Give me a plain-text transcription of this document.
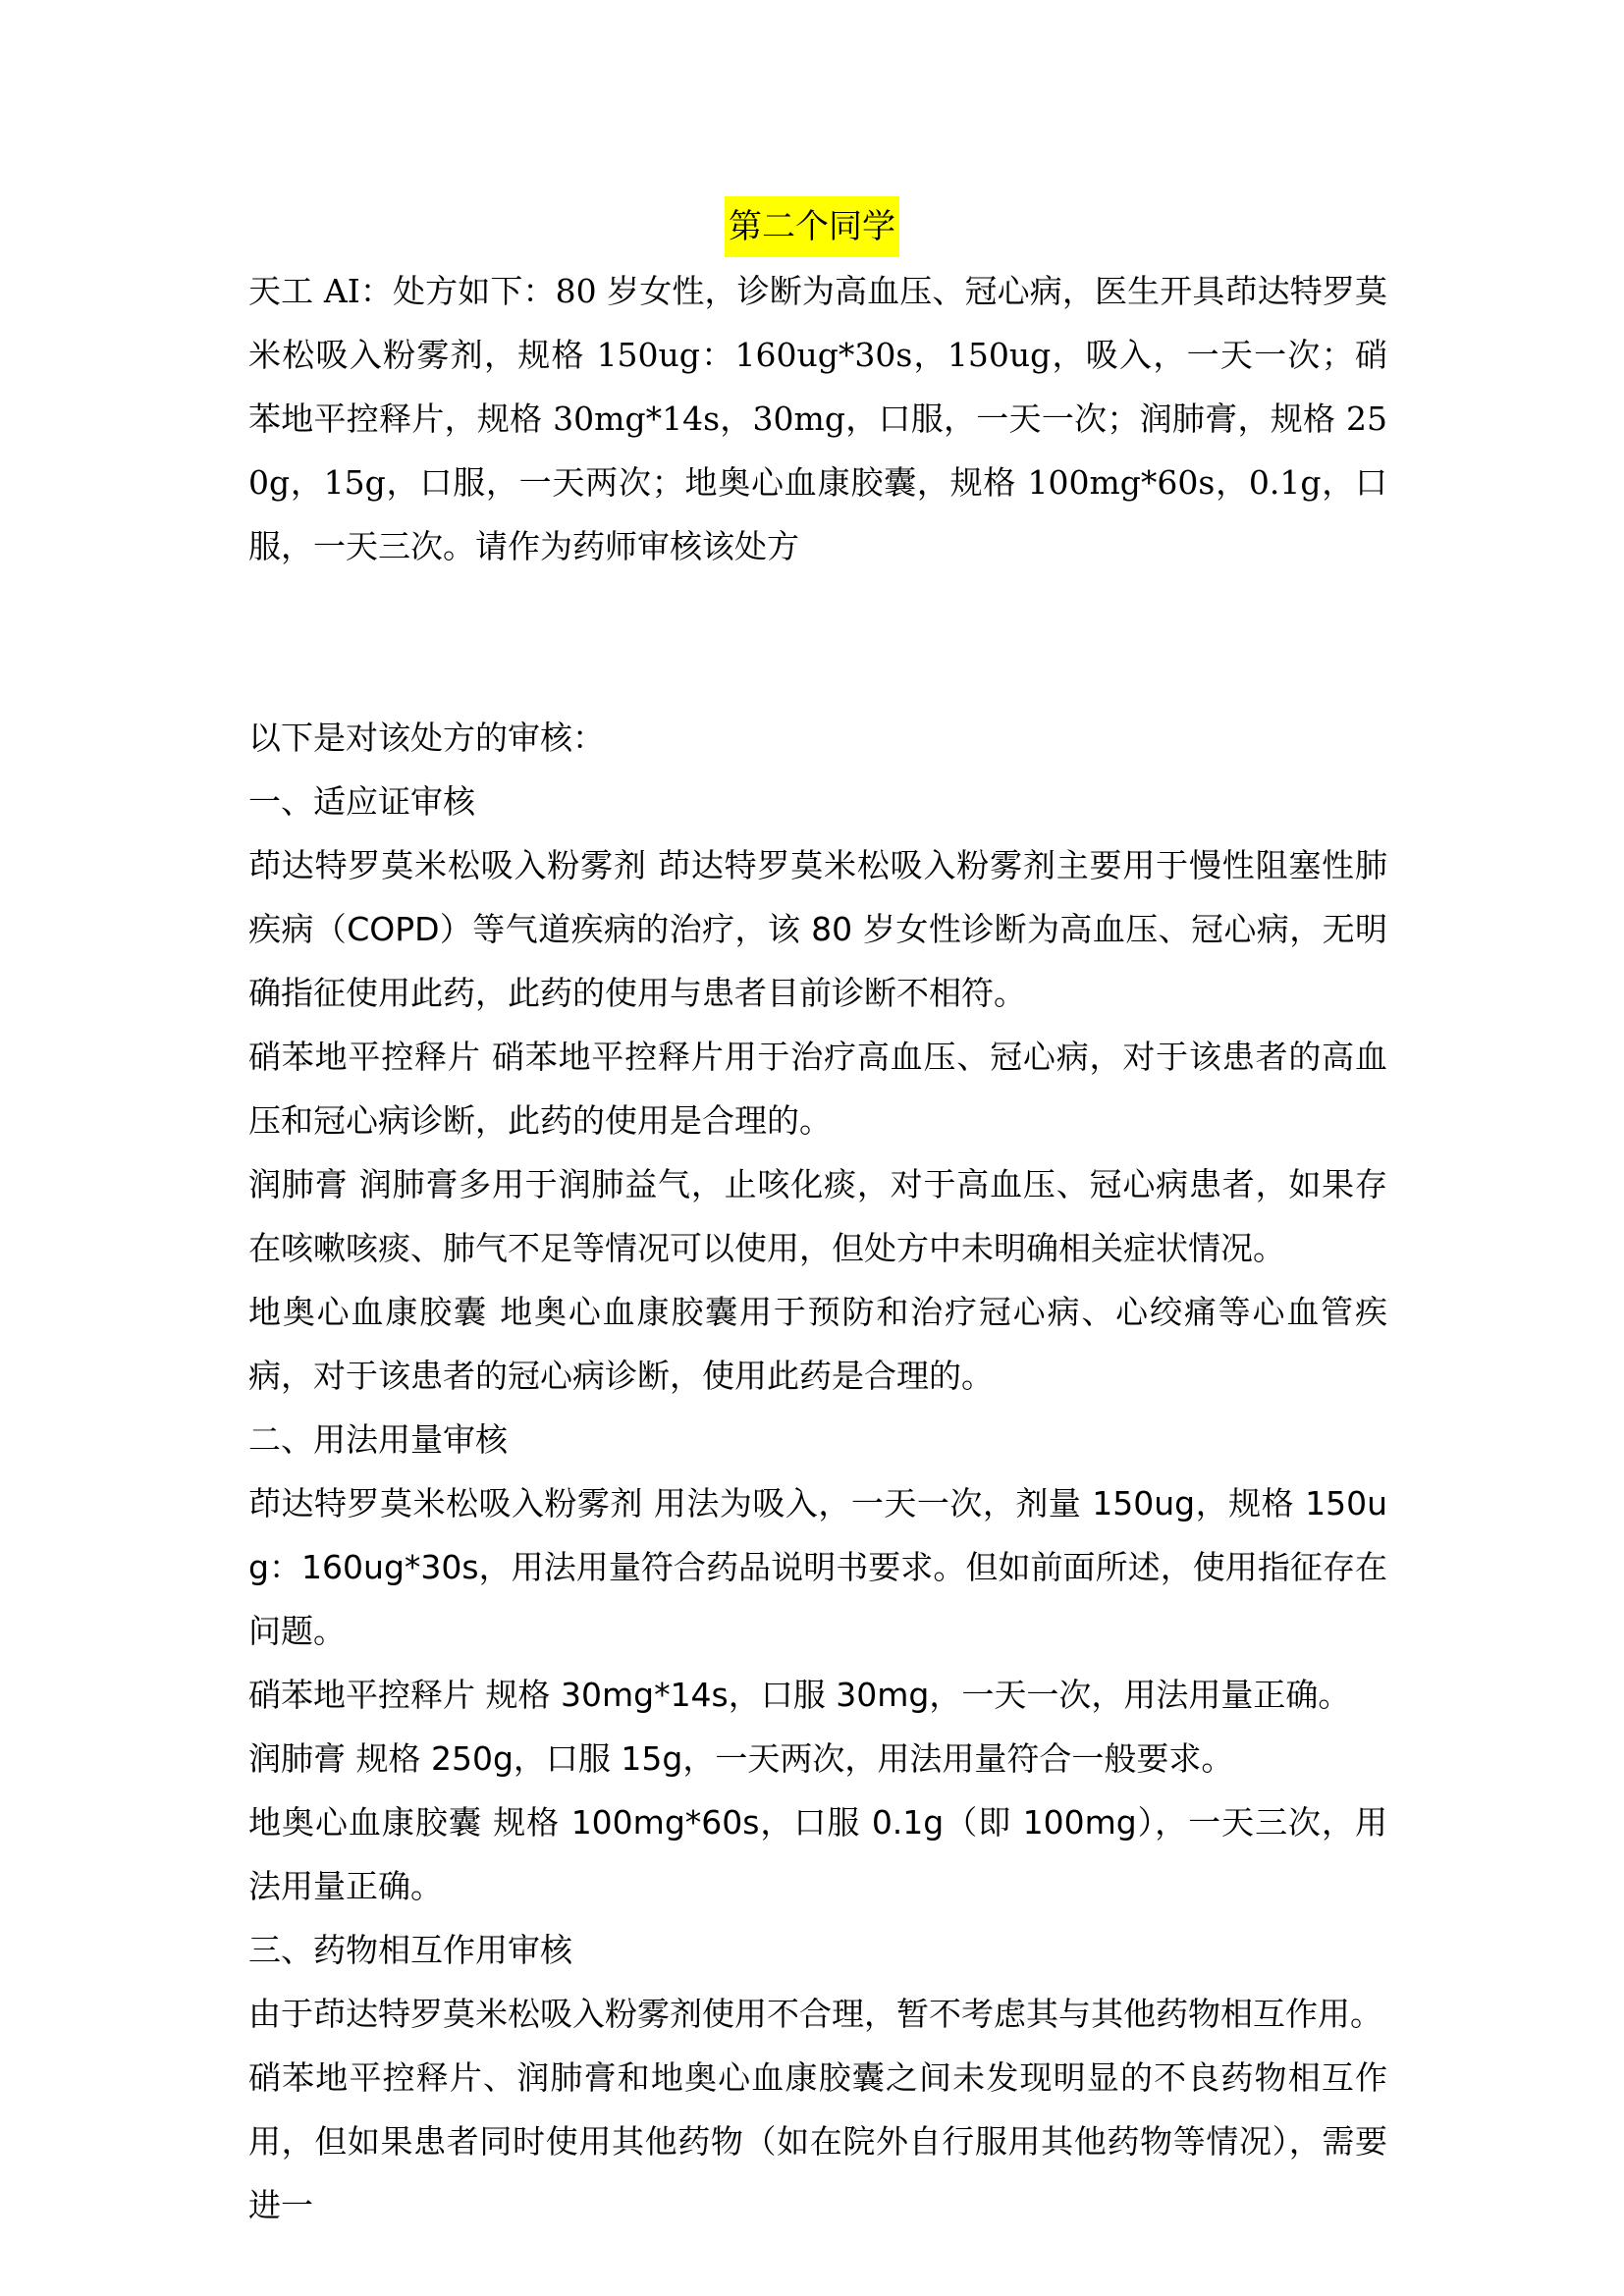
第二个同学

天工 AI：处方如下：80 岁女性，诊断为高血压、冠心病，医生开具茚达特罗莫米松吸入粉雾剂，规格 150ug：160ug*30s，150ug，吸入，一天一次；硝苯地平控释片，规格 30mg*14s，30mg，口服，一天一次；润肺膏，规格 250g，15g，口服，一天两次；地奥心血康胶囊，规格 100mg*60s，0.1g，口服，一天三次。请作为药师审核该处方

以下是对该处方的审核：

一、适应证审核

茚达特罗莫米松吸入粉雾剂 茚达特罗莫米松吸入粉雾剂主要用于慢性阻塞性肺疾病（COPD）等气道疾病的治疗，该 80 岁女性诊断为高血压、冠心病，无明确指征使用此药，此药的使用与患者目前诊断不相符。

硝苯地平控释片 硝苯地平控释片用于治疗高血压、冠心病，对于该患者的高血压和冠心病诊断，此药的使用是合理的。

润肺膏 润肺膏多用于润肺益气，止咳化痰，对于高血压、冠心病患者，如果存在咳嗽咳痰、肺气不足等情况可以使用，但处方中未明确相关症状情况。

地奥心血康胶囊 地奥心血康胶囊用于预防和治疗冠心病、心绞痛等心血管疾病，对于该患者的冠心病诊断，使用此药是合理的。

二、用法用量审核

茚达特罗莫米松吸入粉雾剂 用法为吸入，一天一次，剂量 150ug，规格 150ug：160ug*30s，用法用量符合药品说明书要求。但如前面所述，使用指征存在问题。

硝苯地平控释片 规格 30mg*14s，口服 30mg，一天一次，用法用量正确。

润肺膏 规格 250g，口服 15g，一天两次，用法用量符合一般要求。

地奥心血康胶囊 规格 100mg*60s，口服 0.1g（即 100mg），一天三次，用法用量正确。

三、药物相互作用审核

由于茚达特罗莫米松吸入粉雾剂使用不合理，暂不考虑其与其他药物相互作用。

硝苯地平控释片、润肺膏和地奥心血康胶囊之间未发现明显的不良药物相互作用，但如果患者同时使用其他药物（如在院外自行服用其他药物等情况），需要进一
